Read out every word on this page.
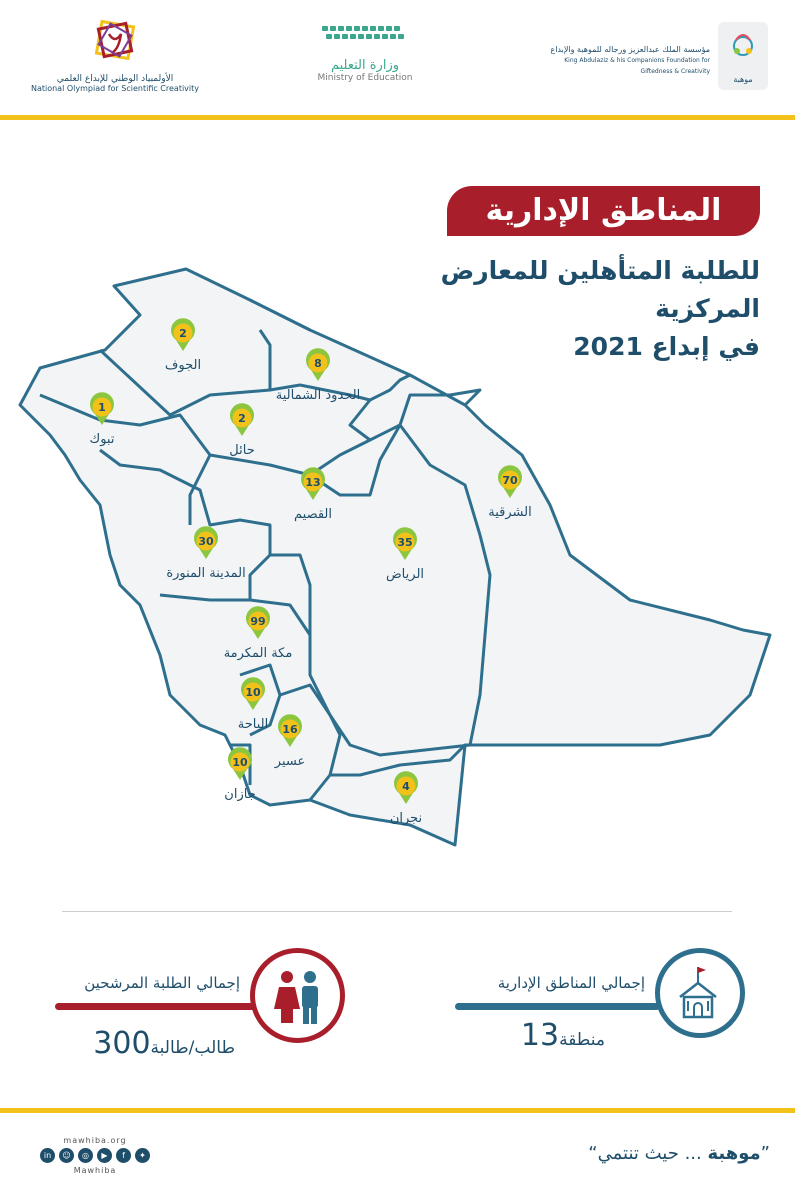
موهبة
مؤسسة الملك عبدالعزيز ورجاله للموهبة والإبداع
King Abdulaziz & his Companions Foundation for Giftedness & Creativity
وزارة التعليم
Ministry of Education
الأولمبياد الوطني للإبداع العلمي
National Olympiad for Scientific Creativity
المناطق الإدارية
للطلبة المتأهلين للمعارض المركزية
في إبداع 2021
2
الجوف	8
الحدود الشمالية
1
تبوك
2
حائل
70
الشرقية
13
القصيم
35
الرياض
30
المدينة المنورة
99
مكة المكرمة
10
الباحة 16
عسير
10
جازان
4
نجران
إجمالي المناطق الإدارية
منطقة13
إجمالي الطلبة المرشحين
طالب/طالبة300
mawhiba.org
in	☺	◎	▶	f	✦
Mawhiba
”موهبة ... حيث تنتمي“
